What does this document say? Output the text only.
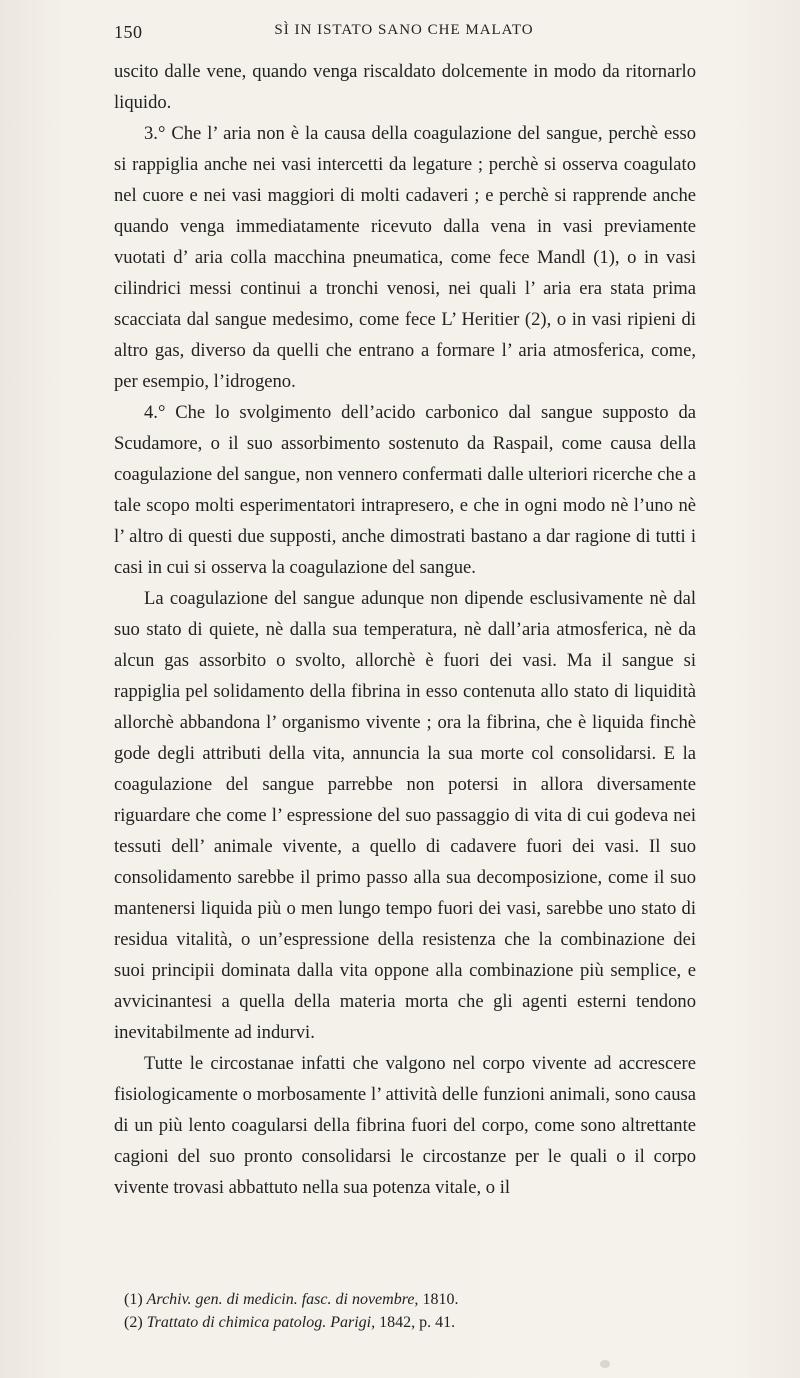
150	SÌ IN ISTATO SANO CHE MALATO

uscito dalle vene, quando venga riscaldato dolcemente in modo da ritornarlo liquido.

3.° Che l’ aria non è la causa della coagulazione del sangue, perchè esso si rappiglia anche nei vasi intercetti da legature ; perchè si osserva coagulato nel cuore e nei vasi maggiori di molti cadaveri ; e perchè si rapprende anche quando venga immediatamente ricevuto dalla vena in vasi previamente vuotati d’ aria colla macchina pneumatica, come fece Mandl (1), o in vasi cilindrici messi continui a tronchi venosi, nei quali l’ aria era stata prima scacciata dal sangue medesimo, come fece L’ Heritier (2), o in vasi ripieni di altro gas, diverso da quelli che entrano a formare l’ aria atmosferica, come, per esempio, l’idrogeno.

4.° Che lo svolgimento dell’acido carbonico dal sangue supposto da Scudamore, o il suo assorbimento sostenuto da Raspail, come causa della coagulazione del sangue, non vennero confermati dalle ulteriori ricerche che a tale scopo molti esperimentatori intrapresero, e che in ogni modo nè l’uno nè l’ altro di questi due supposti, anche dimostrati bastano a dar ragione di tutti i casi in cui si osserva la coagulazione del sangue.

La coagulazione del sangue adunque non dipende esclusivamente nè dal suo stato di quiete, nè dalla sua temperatura, nè dall’aria atmosferica, nè da alcun gas assorbito o svolto, allorchè è fuori dei vasi. Ma il sangue si rappiglia pel solidamento della fibrina in esso contenuta allo stato di liquidità allorchè abbandona l’ organismo vivente ; ora la fibrina, che è liquida finchè gode degli attributi della vita, annuncia la sua morte col consolidarsi. E la coagulazione del sangue parrebbe non potersi in allora diversamente riguardare che come l’ espressione del suo passaggio di vita di cui godeva nei tessuti dell’ animale vivente, a quello di cadavere fuori dei vasi. Il suo consolidamento sarebbe il primo passo alla sua decomposizione, come il suo mantenersi liquida più o men lungo tempo fuori dei vasi, sarebbe uno stato di residua vitalità, o un’espressione della resistenza che la combinazione dei suoi principii dominata dalla vita oppone alla combinazione più semplice, e avvicinantesi a quella della materia morta che gli agenti esterni tendono inevitabilmente ad indurvi.

Tutte le circostanae infatti che valgono nel corpo vivente ad accrescere fisiologicamente o morbosamente l’ attività delle funzioni animali, sono causa di un più lento coagularsi della fibrina fuori del corpo, come sono altrettante cagioni del suo pronto consolidarsi le circostanze per le quali o il corpo vivente trovasi abbattuto nella sua potenza vitale, o il

(1) Archiv. gen. di medicin. fasc. di novembre, 1810.

(2) Trattato di chimica patolog. Parigi, 1842, p. 41.
